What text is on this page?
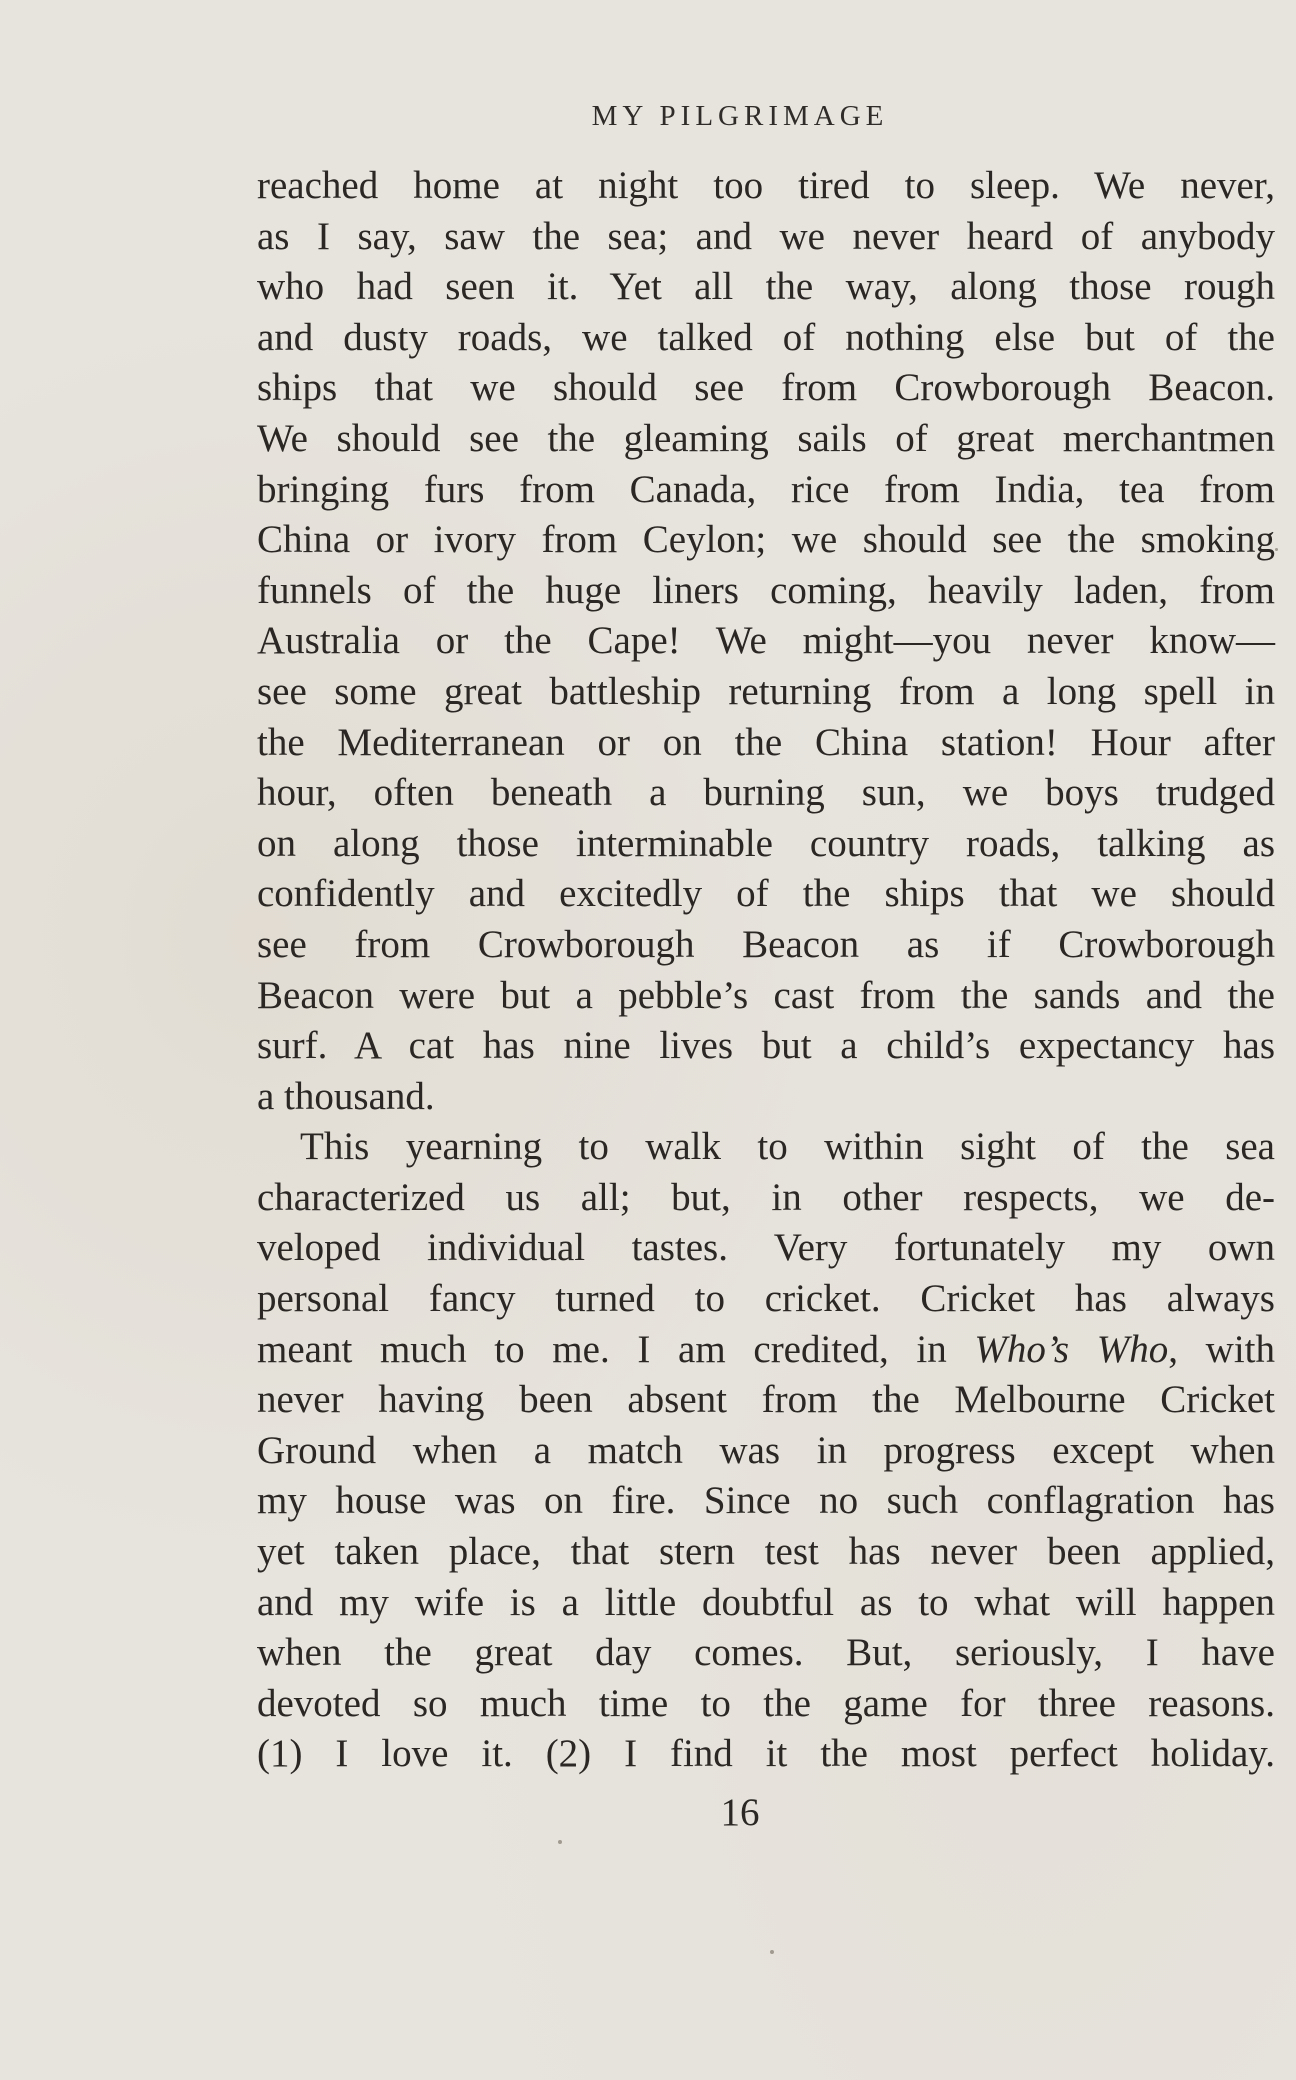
MY PILGRIMAGE
reached home at night too tired to sleep. We never,
as I say, saw the sea; and we never heard of anybody
who had seen it. Yet all the way, along those rough
and dusty roads, we talked of nothing else but of the
ships that we should see from Crowborough Beacon.
We should see the gleaming sails of great merchantmen
bringing furs from Canada, rice from India, tea from
China or ivory from Ceylon; we should see the smoking
funnels of the huge liners coming, heavily laden, from
Australia or the Cape! We might—you never know—
see some great battleship returning from a long spell in
the Mediterranean or on the China station! Hour after
hour, often beneath a burning sun, we boys trudged
on along those interminable country roads, talking as
confidently and excitedly of the ships that we should
see from Crowborough Beacon as if Crowborough
Beacon were but a pebble’s cast from the sands and the
surf. A cat has nine lives but a child’s expectancy has
a thousand.
This yearning to walk to within sight of the sea
characterized us all; but, in other respects, we de-
veloped individual tastes. Very fortunately my own
personal fancy turned to cricket. Cricket has always
meant much to me. I am credited, in Who’s Who, with
never having been absent from the Melbourne Cricket
Ground when a match was in progress except when
my house was on fire. Since no such conflagration has
yet taken place, that stern test has never been applied,
and my wife is a little doubtful as to what will happen
when the great day comes. But, seriously, I have
devoted so much time to the game for three reasons.
(1) I love it. (2) I find it the most perfect holiday.
16
